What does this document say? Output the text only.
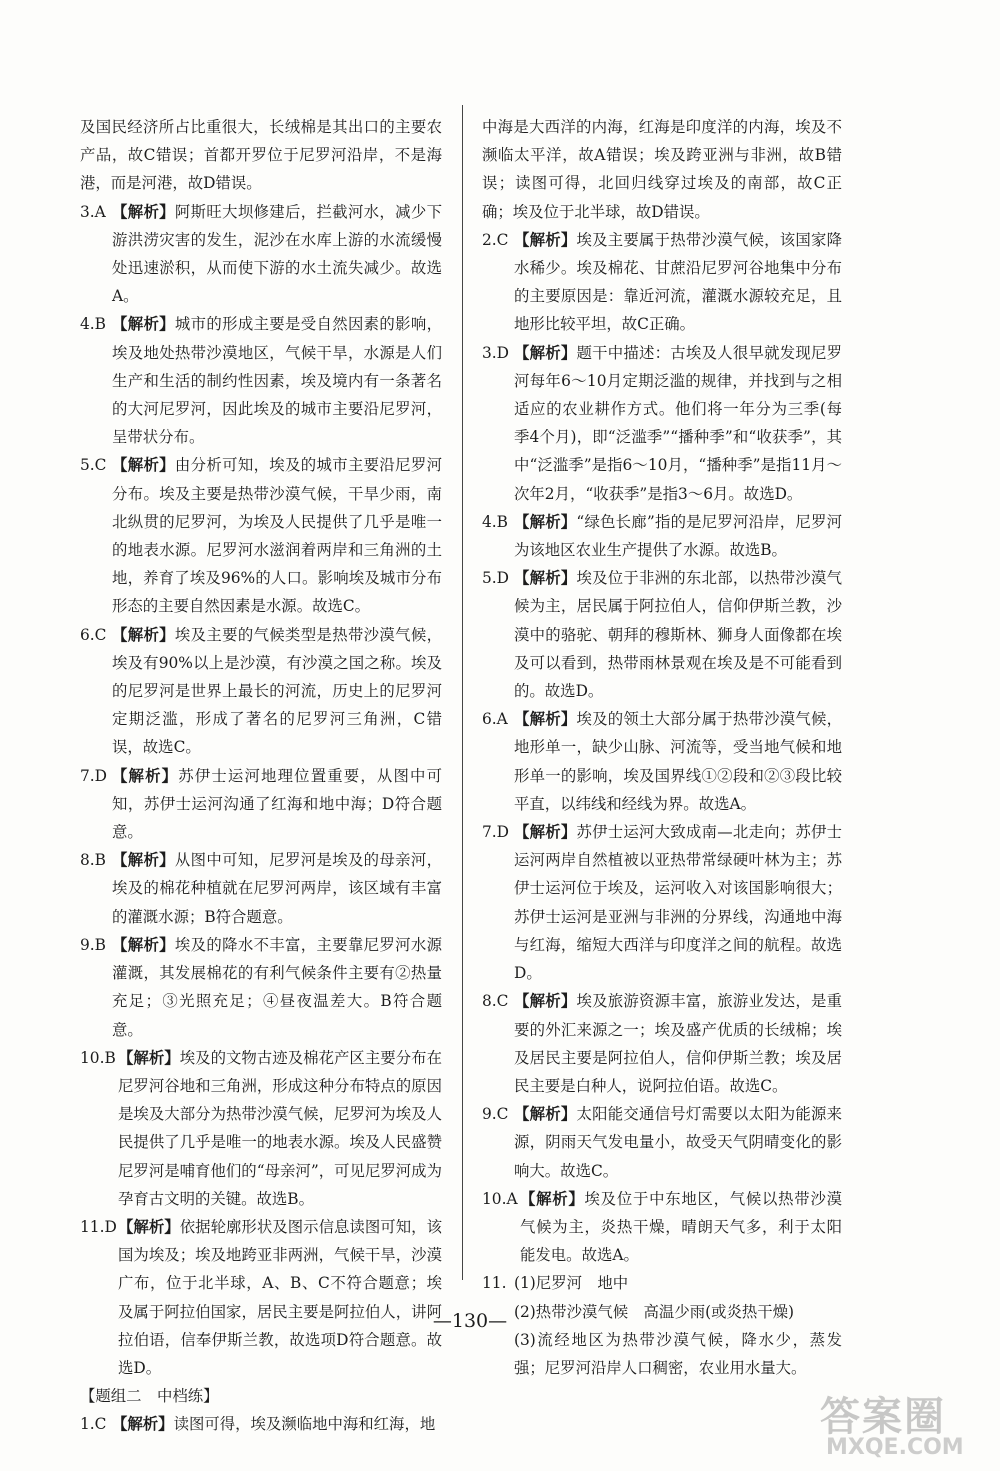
及国民经济所占比重很大，长绒棉是其出口的主要农产品，故C错误；首都开罗位于尼罗河沿岸，不是海港，而是河港，故D错误。
3.A 【解析】阿斯旺大坝修建后，拦截河水，减少下游洪涝灾害的发生，泥沙在水库上游的水流缓慢处迅速淤积，从而使下游的水土流失减少。故选A。
4.B 【解析】城市的形成主要是受自然因素的影响，埃及地处热带沙漠地区，气候干旱，水源是人们生产和生活的制约性因素，埃及境内有一条著名的大河尼罗河，因此埃及的城市主要沿尼罗河，呈带状分布。
5.C 【解析】由分析可知，埃及的城市主要沿尼罗河分布。埃及主要是热带沙漠气候，干旱少雨，南北纵贯的尼罗河，为埃及人民提供了几乎是唯一的地表水源。尼罗河水滋润着两岸和三角洲的土地，养育了埃及96%的人口。影响埃及城市分布形态的主要自然因素是水源。故选C。
6.C 【解析】埃及主要的气候类型是热带沙漠气候，埃及有90%以上是沙漠，有沙漠之国之称。埃及的尼罗河是世界上最长的河流，历史上的尼罗河定期泛滥，形成了著名的尼罗河三角洲，C错误，故选C。
7.D 【解析】苏伊士运河地理位置重要，从图中可知，苏伊士运河沟通了红海和地中海；D符合题意。
8.B 【解析】从图中可知，尼罗河是埃及的母亲河，埃及的棉花种植就在尼罗河两岸，该区域有丰富的灌溉水源；B符合题意。
9.B 【解析】埃及的降水不丰富，主要靠尼罗河水源灌溉，其发展棉花的有利气候条件主要有②热量充足；③光照充足；④昼夜温差大。B符合题意。
10.B 【解析】埃及的文物古迹及棉花产区主要分布在尼罗河谷地和三角洲，形成这种分布特点的原因是埃及大部分为热带沙漠气候，尼罗河为埃及人民提供了几乎是唯一的地表水源。埃及人民盛赞尼罗河是哺育他们的“母亲河”，可见尼罗河成为孕育古文明的关键。故选B。
11.D 【解析】依据轮廓形状及图示信息读图可知，该国为埃及；埃及地跨亚非两洲，气候干旱，沙漠广布，位于北半球，A、B、C不符合题意；埃及属于阿拉伯国家，居民主要是阿拉伯人，讲阿拉伯语，信奉伊斯兰教，故选项D符合题意。故选D。
【题组二　中档练】
1.C 【解析】读图可得，埃及濒临地中海和红海，地
中海是大西洋的内海，红海是印度洋的内海，埃及不濒临太平洋，故A错误；埃及跨亚洲与非洲，故B错误；读图可得，北回归线穿过埃及的南部，故C正确；埃及位于北半球，故D错误。
2.C 【解析】埃及主要属于热带沙漠气候，该国家降水稀少。埃及棉花、甘蔗沿尼罗河谷地集中分布的主要原因是：靠近河流，灌溉水源较充足，且地形比较平坦，故C正确。
3.D 【解析】题干中描述：古埃及人很早就发现尼罗河每年6～10月定期泛滥的规律，并找到与之相适应的农业耕作方式。他们将一年分为三季(每季4个月)，即“泛滥季”“播种季”和“收获季”，其中“泛滥季”是指6～10月，“播种季”是指11月～次年2月，“收获季”是指3～6月。故选D。
4.B 【解析】“绿色长廊”指的是尼罗河沿岸，尼罗河为该地区农业生产提供了水源。故选B。
5.D 【解析】埃及位于非洲的东北部，以热带沙漠气候为主，居民属于阿拉伯人，信仰伊斯兰教，沙漠中的骆驼、朝拜的穆斯林、狮身人面像都在埃及可以看到，热带雨林景观在埃及是不可能看到的。故选D。
6.A 【解析】埃及的领土大部分属于热带沙漠气候，地形单一，缺少山脉、河流等，受当地气候和地形单一的影响，埃及国界线①②段和②③段比较平直，以纬线和经线为界。故选A。
7.D 【解析】苏伊士运河大致成南—北走向；苏伊士运河两岸自然植被以亚热带常绿硬叶林为主；苏伊士运河位于埃及，运河收入对该国影响很大；苏伊士运河是亚洲与非洲的分界线，沟通地中海与红海，缩短大西洋与印度洋之间的航程。故选D。
8.C 【解析】埃及旅游资源丰富，旅游业发达，是重要的外汇来源之一；埃及盛产优质的长绒棉；埃及居民主要是阿拉伯人，信仰伊斯兰教；埃及居民主要是白种人，说阿拉伯语。故选C。
9.C 【解析】太阳能交通信号灯需要以太阳为能源来源，阴雨天气发电量小，故受天气阴晴变化的影响大。故选C。
10.A 【解析】埃及位于中东地区，气候以热带沙漠气候为主，炎热干燥，晴朗天气多，利于太阳能发电。故选A。
11. (1)尼罗河　地中
(2)热带沙漠气候　高温少雨(或炎热干燥)
(3)流经地区为热带沙漠气候，降水少，蒸发强；尼罗河沿岸人口稠密，农业用水量大。
—130—
答案圈
MXQE.COM
